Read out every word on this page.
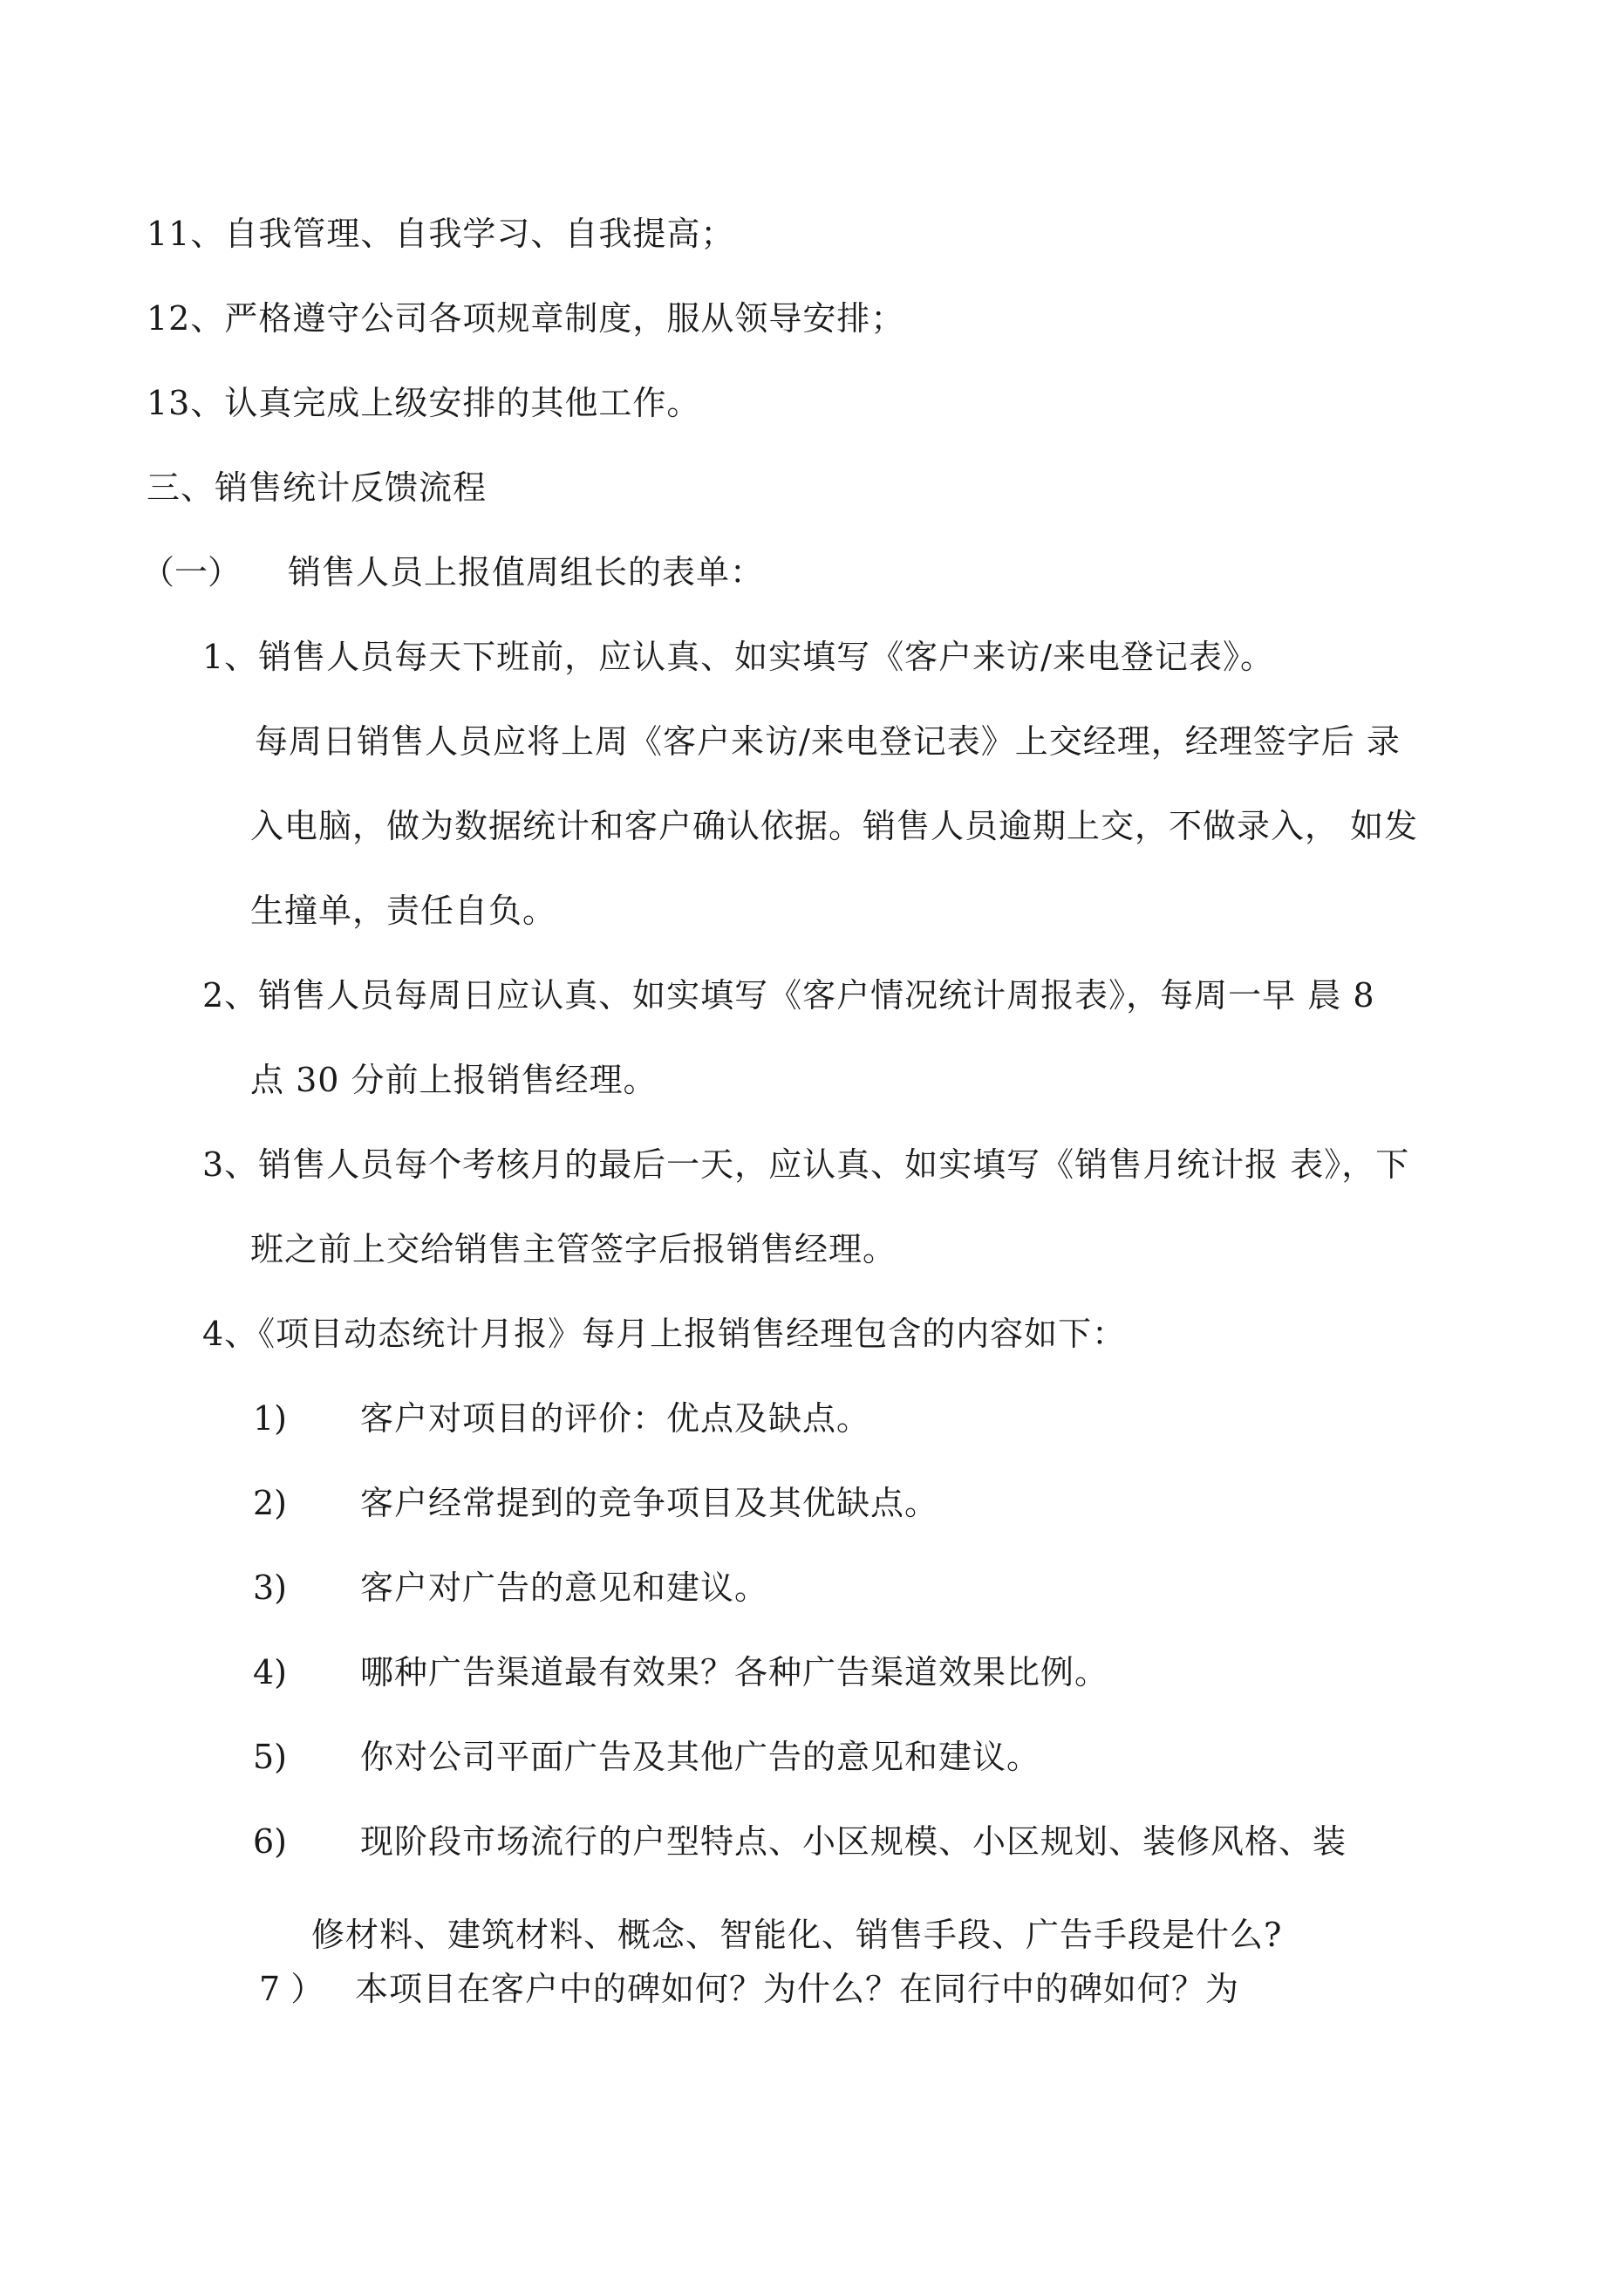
11、自我管理、自我学习、自我提高；
12、严格遵守公司各项规章制度，服从领导安排；
13、认真完成上级安排的其他工作。
三、销售统计反馈流程
（一） 销售人员上报值周组长的表单：
1、销售人员每天下班前，应认真、如实填写《客户来访/来电登记表》。
每周日销售人员应将上周《客户来访/来电登记表》上交经理，经理签字后 录
入电脑，做为数据统计和客户确认依据。销售人员逾期上交，不做录入， 如发
生撞单，责任自负。
2、销售人员每周日应认真、如实填写《客户情况统计周报表》，每周一早 晨 8
点 30 分前上报销售经理。
3、销售人员每个考核月的最后一天，应认真、如实填写《销售月统计报 表》，下
班之前上交给销售主管签字后报销售经理。
4、《项目动态统计月报》每月上报销售经理包含的内容如下：
1) 客户对项目的评价：优点及缺点。
2) 客户经常提到的竞争项目及其优缺点。
3) 客户对广告的意见和建议。
4) 哪种广告渠道最有效果？各种广告渠道效果比例。
5) 你对公司平面广告及其他广告的意见和建议。
6) 现阶段市场流行的户型特点、小区规模、小区规划、装修风格、装
修材料、建筑材料、概念、智能化、销售手段、广告手段是什么?
7 ） 本项目在客户中的碑如何？为什么？在同行中的碑如何？为
